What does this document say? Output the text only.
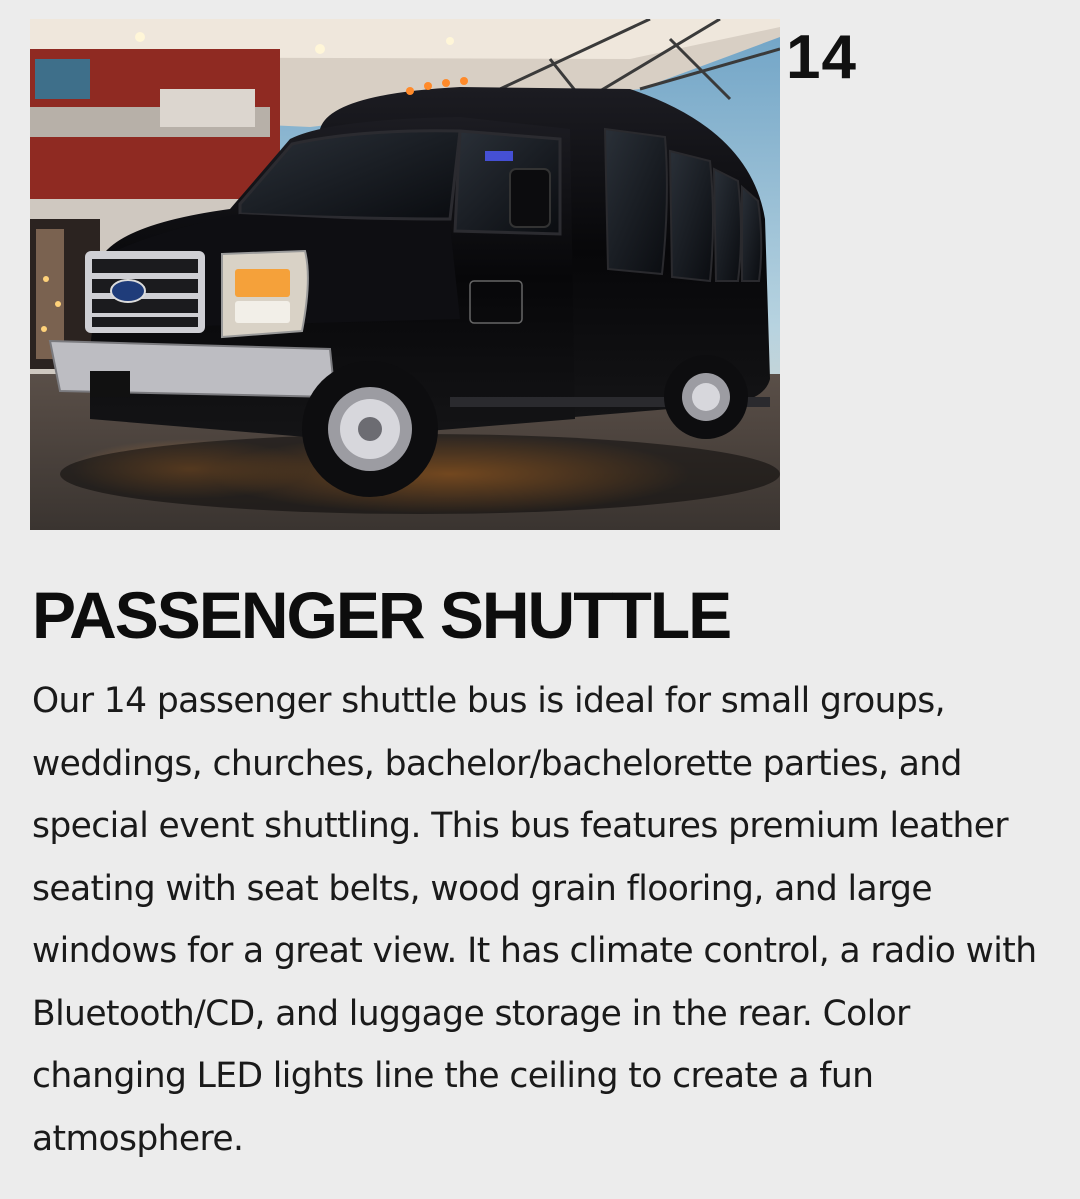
14
PASSENGER SHUTTLE

Our 14 passenger shuttle bus is ideal for small groups, weddings, churches, bachelor/bachelorette parties, and special event shuttling. This bus features premium leather seating with seat belts, wood grain flooring, and large windows for a great view. It has climate control, a radio with Bluetooth/CD, and luggage storage in the rear. Color changing LED lights line the ceiling to create a fun atmosphere.
